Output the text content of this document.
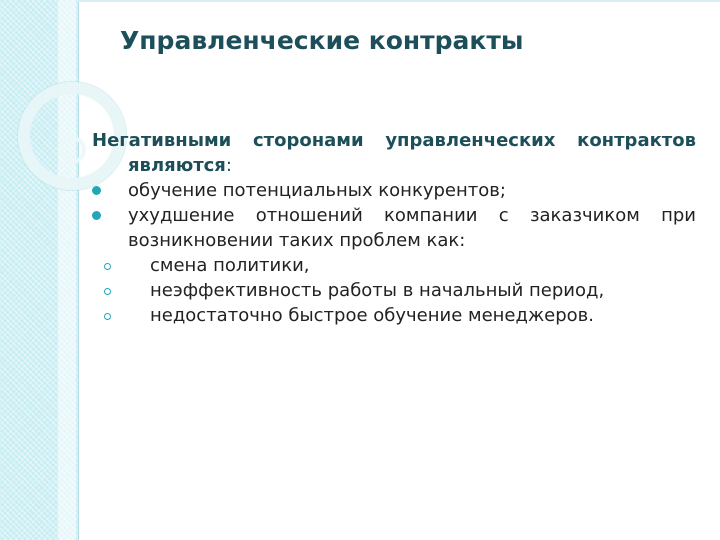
Управленческие контракты
Негативными сторонами управленческих контрактов являются:
обучение потенциальных конкурентов;
ухудшение отношений компании с заказчиком при возникновении таких проблем как:
смена политики,
неэффективность работы в начальный период,
недостаточно быстрое обучение менеджеров.
